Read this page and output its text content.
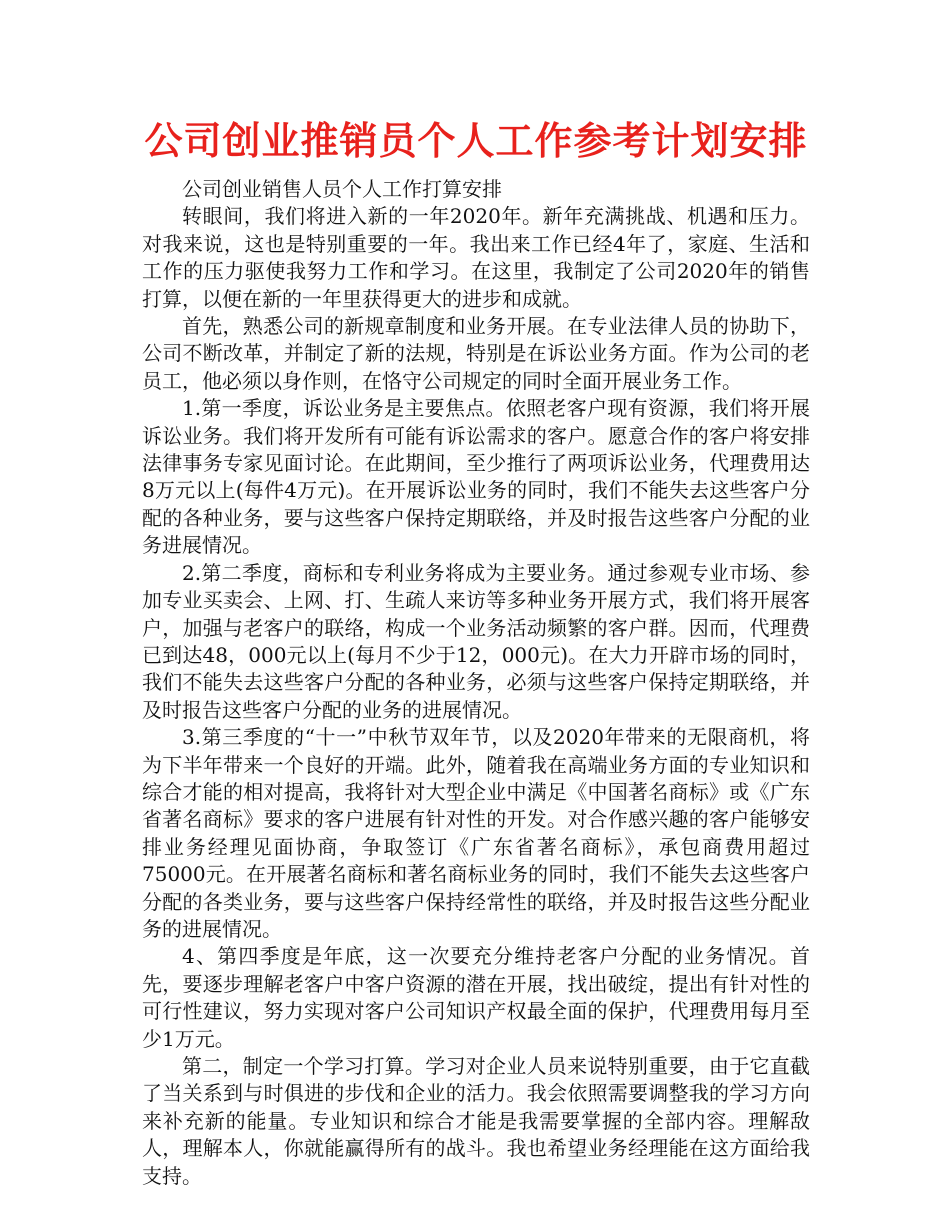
公司创业推销员个人工作参考计划安排

公司创业销售人员个人工作打算安排

转眼间，我们将进入新的一年2020年。新年充满挑战、机遇和压力。对我来说，这也是特别重要的一年。我出来工作已经4年了，家庭、生活和工作的压力驱使我努力工作和学习。在这里，我制定了公司2020年的销售打算，以便在新的一年里获得更大的进步和成就。

首先，熟悉公司的新规章制度和业务开展。在专业法律人员的协助下，公司不断改革，并制定了新的法规，特别是在诉讼业务方面。作为公司的老员工，他必须以身作则，在恪守公司规定的同时全面开展业务工作。

1.第一季度，诉讼业务是主要焦点。依照老客户现有资源，我们将开展诉讼业务。我们将开发所有可能有诉讼需求的客户。愿意合作的客户将安排法律事务专家见面讨论。在此期间，至少推行了两项诉讼业务，代理费用达8万元以上(每件4万元)。在开展诉讼业务的同时，我们不能失去这些客户分配的各种业务，要与这些客户保持定期联络，并及时报告这些客户分配的业务进展情况。

2.第二季度，商标和专利业务将成为主要业务。通过参观专业市场、参加专业买卖会、上网、打、生疏人来访等多种业务开展方式，我们将开展客户，加强与老客户的联络，构成一个业务活动频繁的客户群。因而，代理费已到达48，000元以上(每月不少于12，000元)。在大力开辟市场的同时，我们不能失去这些客户分配的各种业务，必须与这些客户保持定期联络，并及时报告这些客户分配的业务的进展情况。

3.第三季度的“十一”中秋节双年节，以及2020年带来的无限商机，将为下半年带来一个良好的开端。此外，随着我在高端业务方面的专业知识和综合才能的相对提高，我将针对大型企业中满足《中国著名商标》或《广东省著名商标》要求的客户进展有针对性的开发。对合作感兴趣的客户能够安排业务经理见面协商，争取签订《广东省著名商标》，承包商费用超过75000元。在开展著名商标和著名商标业务的同时，我们不能失去这些客户分配的各类业务，要与这些客户保持经常性的联络，并及时报告这些分配业务的进展情况。

4、第四季度是年底，这一次要充分维持老客户分配的业务情况。首先，要逐步理解老客户中客户资源的潜在开展，找出破绽，提出有针对性的可行性建议，努力实现对客户公司知识产权最全面的保护，代理费用每月至少1万元。

第二，制定一个学习打算。学习对企业人员来说特别重要，由于它直截了当关系到与时俱进的步伐和企业的活力。我会依照需要调整我的学习方向来补充新的能量。专业知识和综合才能是我需要掌握的全部内容。理解敌人，理解本人，你就能赢得所有的战斗。我也希望业务经理能在这方面给我支持。
